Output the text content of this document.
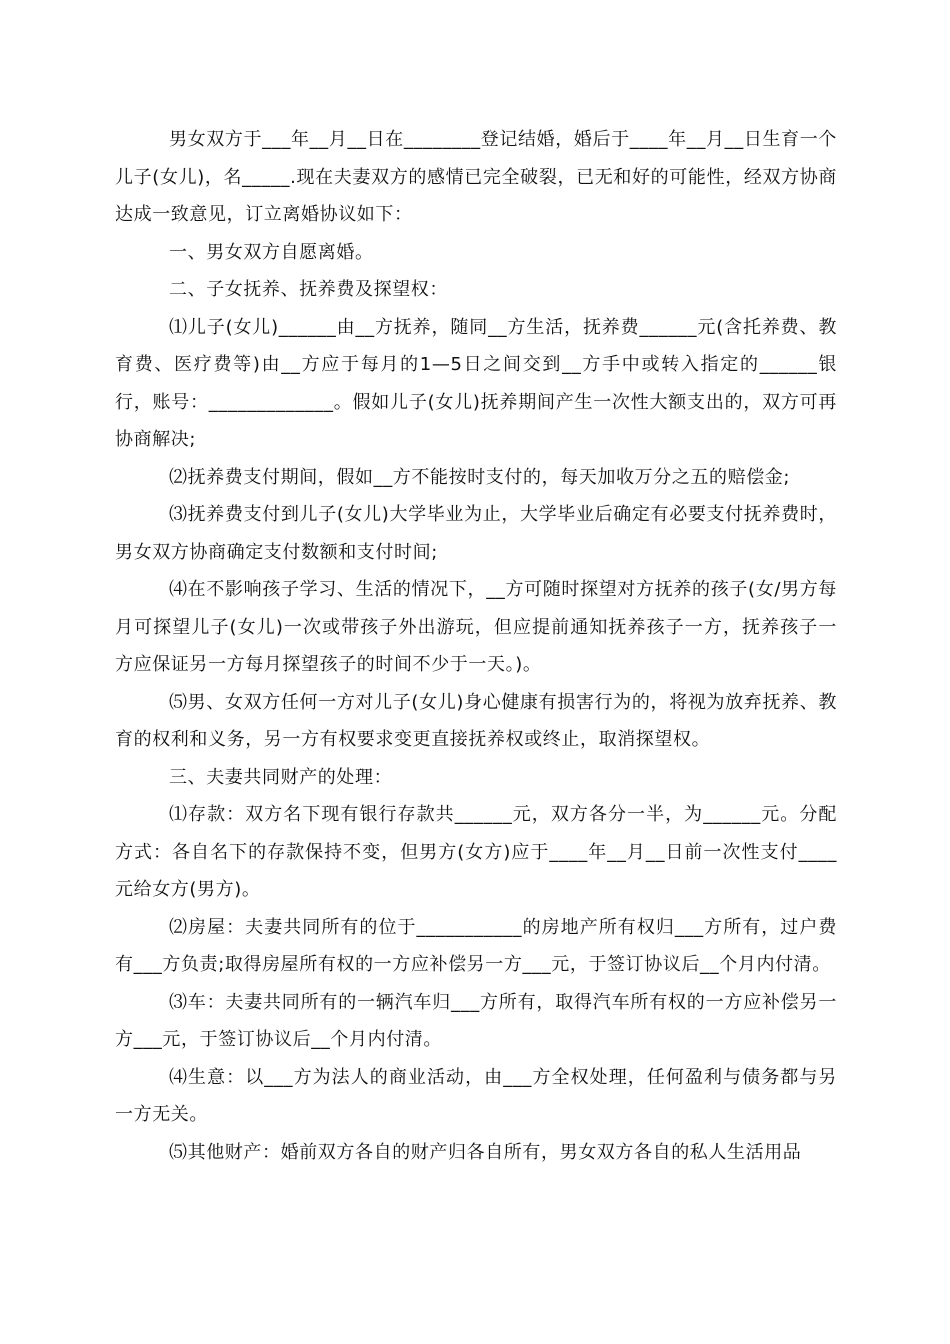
男女双方于___年__月__日在________登记结婚，婚后于____年__月__日生育一个儿子(女儿)，名_____.现在夫妻双方的感情已完全破裂，已无和好的可能性，经双方协商达成一致意见，订立离婚协议如下：

一、男女双方自愿离婚。

二、子女抚养、抚养费及探望权：

⑴儿子(女儿)______由__方抚养，随同__方生活，抚养费______元(含托养费、教育费、医疗费等)由__方应于每月的1—5日之间交到__方手中或转入指定的______银行，账号：_____________。假如儿子(女儿)抚养期间产生一次性大额支出的，双方可再协商解决;

⑵抚养费支付期间，假如__方不能按时支付的，每天加收万分之五的赔偿金;

⑶抚养费支付到儿子(女儿)大学毕业为止，大学毕业后确定有必要支付抚养费时，男女双方协商确定支付数额和支付时间;

⑷在不影响孩子学习、生活的情况下，__方可随时探望对方抚养的孩子(女/男方每月可探望儿子(女儿)一次或带孩子外出游玩，但应提前通知抚养孩子一方，抚养孩子一方应保证另一方每月探望孩子的时间不少于一天。)。

⑸男、女双方任何一方对儿子(女儿)身心健康有损害行为的，将视为放弃抚养、教育的权利和义务，另一方有权要求变更直接抚养权或终止，取消探望权。

三、夫妻共同财产的处理：

⑴存款：双方名下现有银行存款共______元，双方各分一半，为______元。分配方式：各自名下的存款保持不变，但男方(女方)应于____年__月__日前一次性支付____元给女方(男方)。

⑵房屋：夫妻共同所有的位于___________的房地产所有权归___方所有，过户费有___方负责;取得房屋所有权的一方应补偿另一方___元，于签订协议后__个月内付清。

⑶车：夫妻共同所有的一辆汽车归___方所有，取得汽车所有权的一方应补偿另一方___元，于签订协议后__个月内付清。

⑷生意：以___方为法人的商业活动，由___方全权处理，任何盈利与债务都与另一方无关。

⑸其他财产：婚前双方各自的财产归各自所有，男女双方各自的私人生活用品
